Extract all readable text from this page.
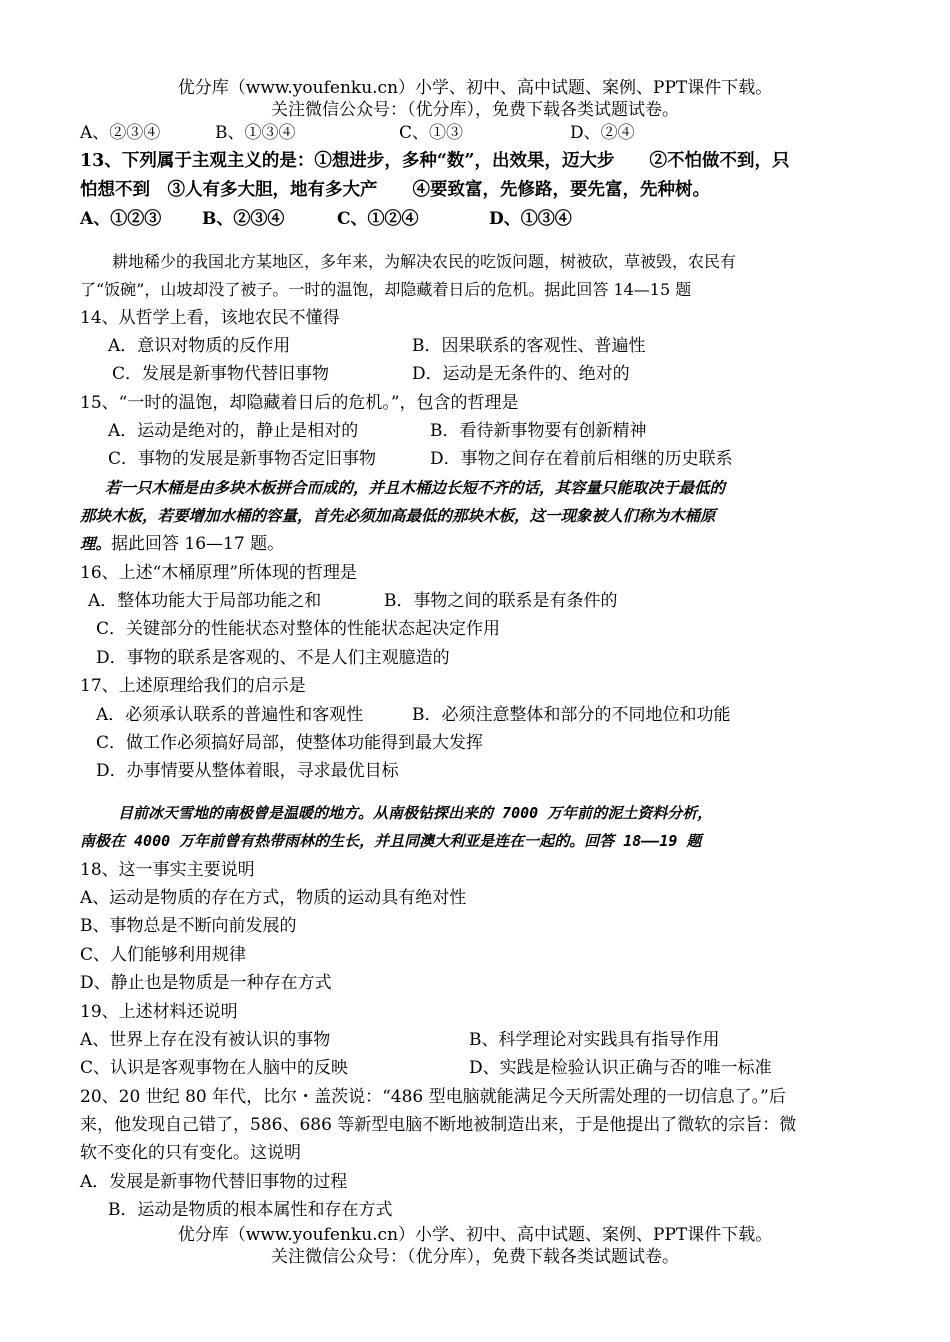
优分库（www.youfenku.cn）小学、初中、高中试题、案例、PPT课件下载。
关注微信公众号：（优分库），免费下载各类试题试卷。
A、②③④	B、①③④	C、①③	D、②④
13、下列属于主观主义的是：①想进步，多种“数”，出效果，迈大步　　②不怕做不到，只
怕想不到　③人有多大胆，地有多大产　　④要致富，先修路，要先富，先种树。
A、①②③ B、②③④	C、①②④	D、①③④
耕地稀少的我国北方某地区，多年来，为解决农民的吃饭问题，树被砍，草被毁，农民有
了“饭碗”，山坡却没了被子。一时的温饱，却隐藏着日后的危机。据此回答 14—15 题
14、从哲学上看，该地农民不懂得
A．意识对物质的反作用	B．因果联系的客观性、普遍性
C．发展是新事物代替旧事物	D．运动是无条件的、绝对的
15、“一时的温饱，却隐藏着日后的危机。”，包含的哲理是
A．运动是绝对的，静止是相对的	B．看待新事物要有创新精神
C．事物的发展是新事物否定旧事物	D．事物之间存在着前后相继的历史联系
若一只木桶是由多块木板拼合而成的，并且木桶边长短不齐的话，其容量只能取决于最低的
那块木板，若要增加水桶的容量，首先必须加高最低的那块木板，这一现象被人们称为木桶原
理。据此回答 16—17 题。
16、上述“木桶原理”所体现的哲理是
A．整体功能大于局部功能之和	B．事物之间的联系是有条件的
C．关键部分的性能状态对整体的性能状态起决定作用
D．事物的联系是客观的、不是人们主观臆造的
17、上述原理给我们的启示是
A．必须承认联系的普遍性和客观性	B．必须注意整体和部分的不同地位和功能
C．做工作必须搞好局部，使整体功能得到最大发挥
D．办事情要从整体着眼，寻求最优目标
目前冰天雪地的南极曾是温暖的地方。从南极钻探出来的 7000 万年前的泥土资料分析，
南极在 4000 万年前曾有热带雨林的生长，并且同澳大利亚是连在一起的。回答 18——19 题
18、这一事实主要说明
A、运动是物质的存在方式，物质的运动具有绝对性
B、事物总是不断向前发展的
C、人们能够利用规律
D、静止也是物质是一种存在方式
19、上述材料还说明
A、世界上存在没有被认识的事物	B、科学理论对实践具有指导作用
C、认识是客观事物在人脑中的反映	D、实践是检验认识正确与否的唯一标准
20、20 世纪 80 年代，比尔・盖茨说：“486 型电脑就能满足今天所需处理的一切信息了。”后
来，他发现自己错了，586、686 等新型电脑不断地被制造出来，于是他提出了微软的宗旨：微
软不变化的只有变化。这说明
A．发展是新事物代替旧事物的过程
B．运动是物质的根本属性和存在方式
优分库（www.youfenku.cn）小学、初中、高中试题、案例、PPT课件下载。
关注微信公众号：（优分库），免费下载各类试题试卷。
